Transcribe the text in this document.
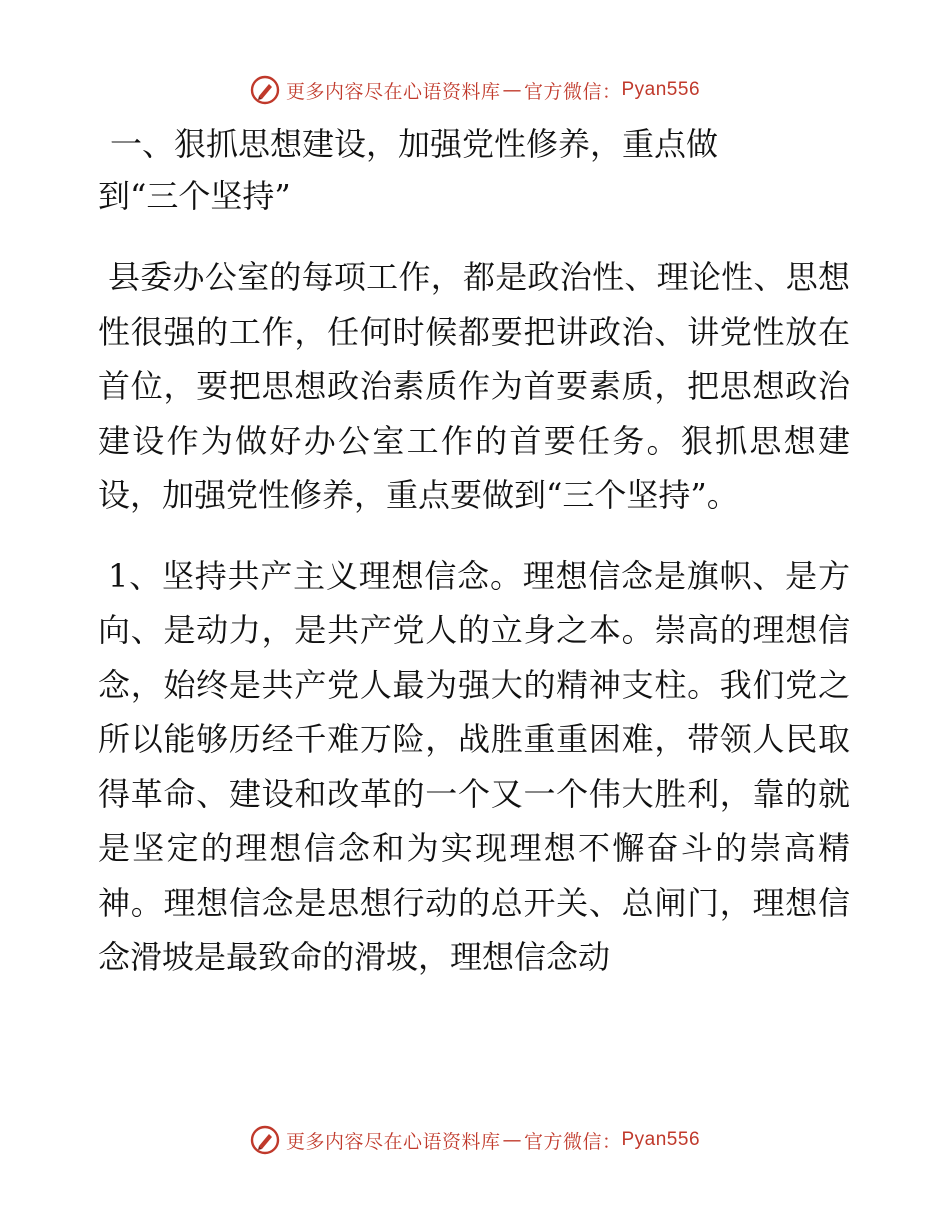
更多内容尽在心语资料库 — 官方微信： Pyan556
一、狠抓思想建设，加强党性修养，重点做到“三个坚持”

县委办公室的每项工作，都是政治性、理论性、思想性很强的工作，任何时候都要把讲政治、讲党性放在首位，要把思想政治素质作为首要素质，把思想政治建设作为做好办公室工作的首要任务。狠抓思想建设，加强党性修养，重点要做到“三个坚持”。

1、坚持共产主义理想信念。理想信念是旗帜、是方向、是动力，是共产党人的立身之本。崇高的理想信念，始终是共产党人最为强大的精神支柱。我们党之所以能够历经千难万险，战胜重重困难，带领人民取得革命、建设和改革的一个又一个伟大胜利，靠的就是坚定的理想信念和为实现理想不懈奋斗的崇高精神。理想信念是思想行动的总开关、总闸门，理想信念滑坡是最致命的滑坡，理想信念动

更多内容尽在心语资料库 — 官方微信： Pyan556
